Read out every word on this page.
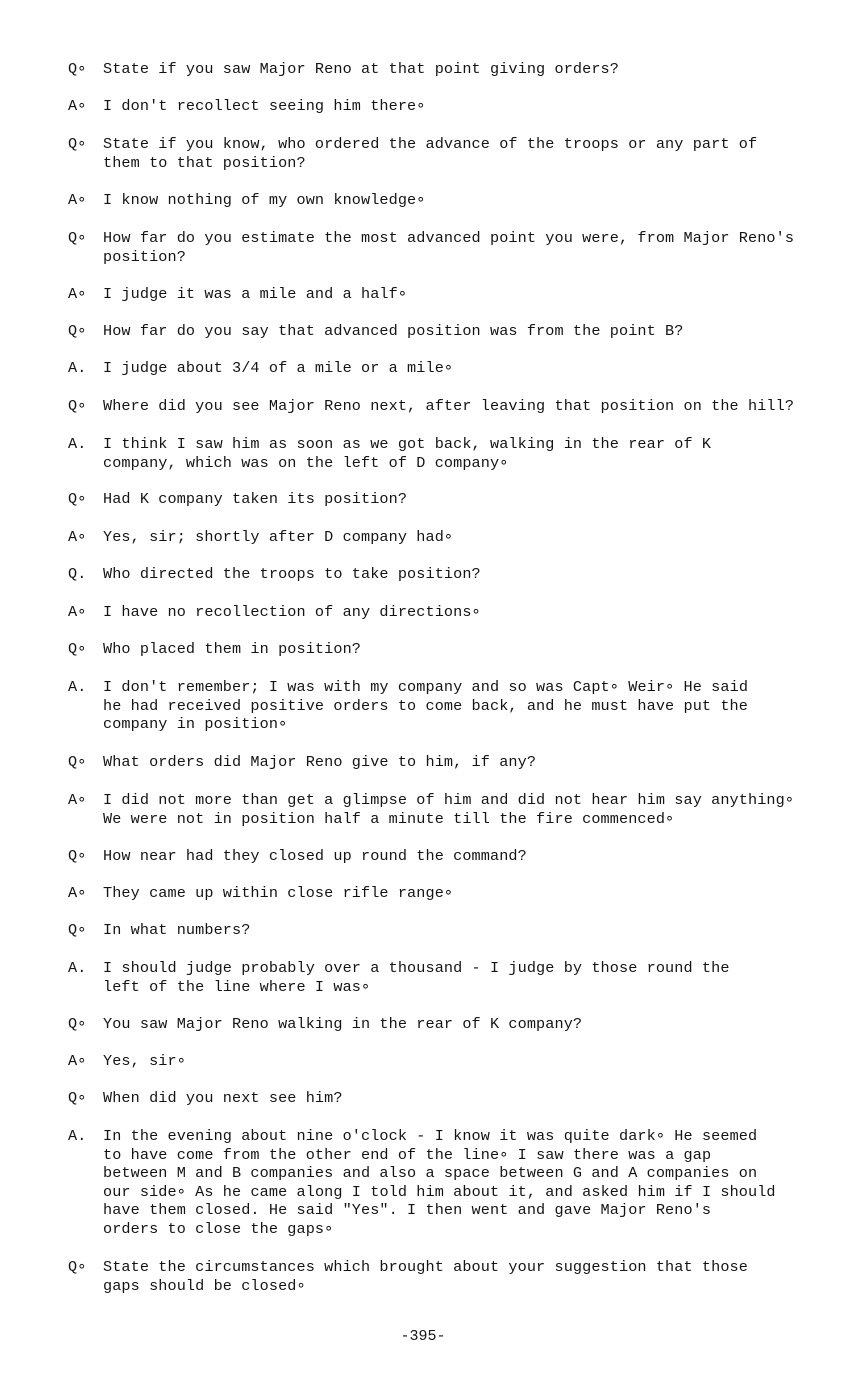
Q∘	State if you saw Major Reno at that point giving orders?
A∘	I don't recollect seeing him there∘
Q∘	State if you know, who ordered the advance of the troops or any part of
them to that position?
A∘	I know nothing of my own knowledge∘
Q∘	How far do you estimate the most advanced point you were, from Major Reno's
position?
A∘	I judge it was a mile and a half∘
Q∘	How far do you say that advanced position was from the point B?
A.	I judge about 3/4 of a mile or a mile∘
Q∘	Where did you see Major Reno next, after leaving that position on the hill?
A.	I think I saw him as soon as we got back, walking in the rear of K
company, which was on the left of D company∘
Q∘	Had K company taken its position?
A∘	Yes, sir; shortly after D company had∘
Q.	Who directed the troops to take position?
A∘	I have no recollection of any directions∘
Q∘	Who placed them in position?
A.	I don't remember; I was with my company and so was Capt∘ Weir∘ He said
he had received positive orders to come back, and he must have put the
company in position∘
Q∘	What orders did Major Reno give to him, if any?
A∘	I did not more than get a glimpse of him and did not hear him say anything∘
We were not in position half a minute till the fire commenced∘
Q∘	How near had they closed up round the command?
A∘	They came up within close rifle range∘
Q∘	In what numbers?
A.	I should judge probably over a thousand - I judge by those round the
left of the line where I was∘
Q∘	You saw Major Reno walking in the rear of K company?
A∘	Yes, sir∘
Q∘	When did you next see him?
A.	In the evening about nine o'clock - I know it was quite dark∘ He seemed
to have come from the other end of the line∘ I saw there was a gap
between M and B companies and also a space between G and A companies on
our side∘ As he came along I told him about it, and asked him if I should
have them closed. He said "Yes". I then went and gave Major Reno's
orders to close the gaps∘
Q∘	State the circumstances which brought about your suggestion that those
gaps should be closed∘
-395-
